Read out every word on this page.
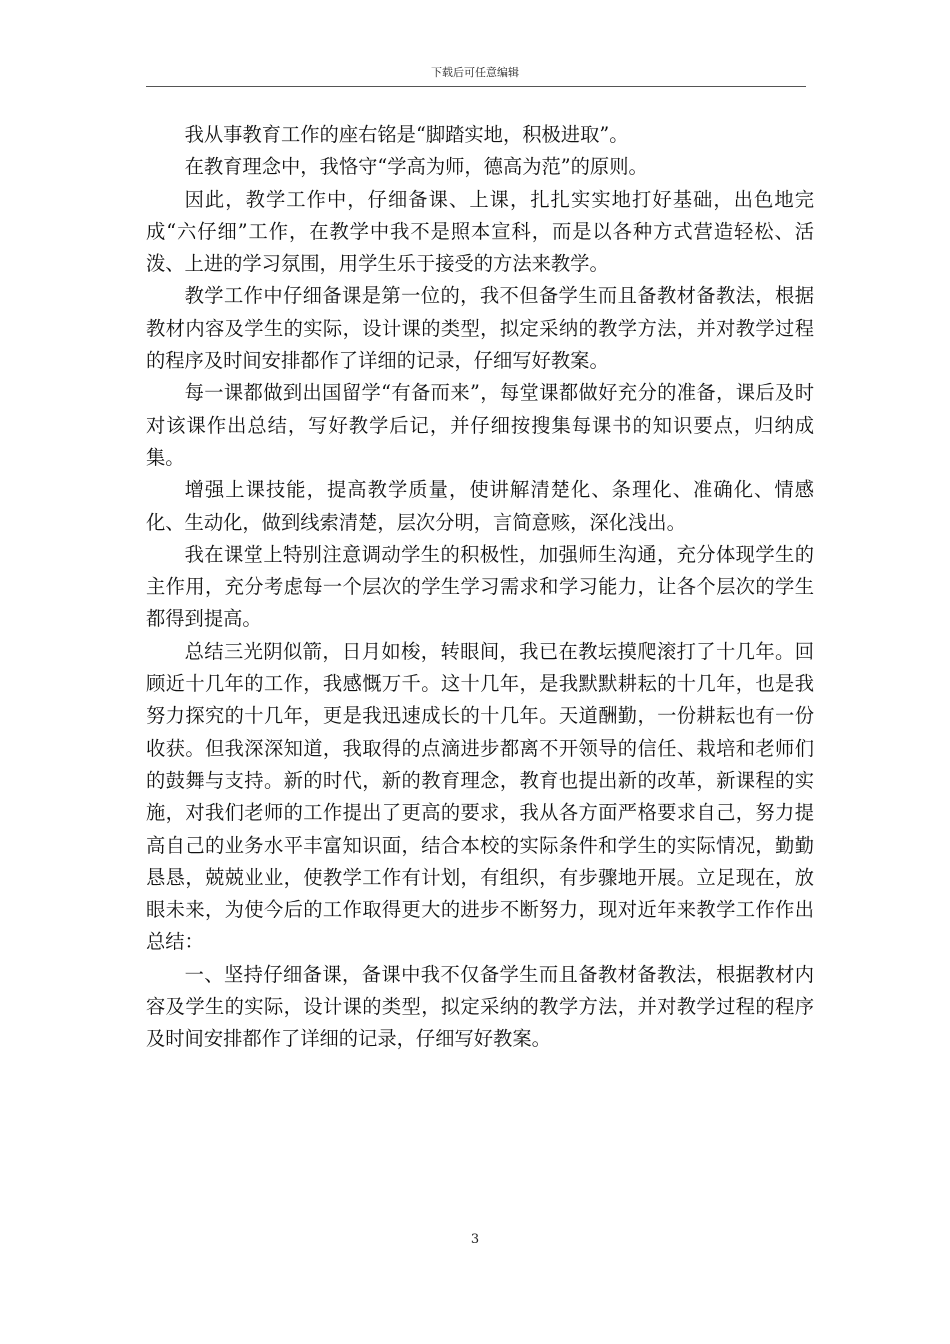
下载后可任意编辑

我从事教育工作的座右铭是“脚踏实地，积极进取”。

在教育理念中，我恪守“学高为师，德高为范”的原则。

因此，教学工作中，仔细备课、上课，扎扎实实地打好基础，出色地完成“六仔细”工作，在教学中我不是照本宣科，而是以各种方式营造轻松、活泼、上进的学习氛围，用学生乐于接受的方法来教学。

教学工作中仔细备课是第一位的，我不但备学生而且备教材备教法，根据教材内容及学生的实际，设计课的类型，拟定采纳的教学方法，并对教学过程的程序及时间安排都作了详细的记录，仔细写好教案。

每一课都做到出国留学“有备而来”，每堂课都做好充分的准备，课后及时对该课作出总结，写好教学后记，并仔细按搜集每课书的知识要点，归纳成集。

增强上课技能，提高教学质量，使讲解清楚化、条理化、准确化、情感化、生动化，做到线索清楚，层次分明，言简意赅，深化浅出。

我在课堂上特别注意调动学生的积极性，加强师生沟通，充分体现学生的主作用，充分考虑每一个层次的学生学习需求和学习能力，让各个层次的学生都得到提高。

总结三光阴似箭，日月如梭，转眼间，我已在教坛摸爬滚打了十几年。回顾近十几年的工作，我感慨万千。这十几年，是我默默耕耘的十几年，也是我努力探究的十几年，更是我迅速成长的十几年。天道酬勤，一份耕耘也有一份收获。但我深深知道，我取得的点滴进步都离不开领导的信任、栽培和老师们的鼓舞与支持。新的时代，新的教育理念，教育也提出新的改革，新课程的实施，对我们老师的工作提出了更高的要求，我从各方面严格要求自己，努力提高自己的业务水平丰富知识面，结合本校的实际条件和学生的实际情况，勤勤恳恳，兢兢业业，使教学工作有计划，有组织，有步骤地开展。立足现在，放眼未来，为使今后的工作取得更大的进步不断努力，现对近年来教学工作作出总结：

一、坚持仔细备课，备课中我不仅备学生而且备教材备教法，根据教材内容及学生的实际，设计课的类型，拟定采纳的教学方法，并对教学过程的程序及时间安排都作了详细的记录，仔细写好教案。

3
